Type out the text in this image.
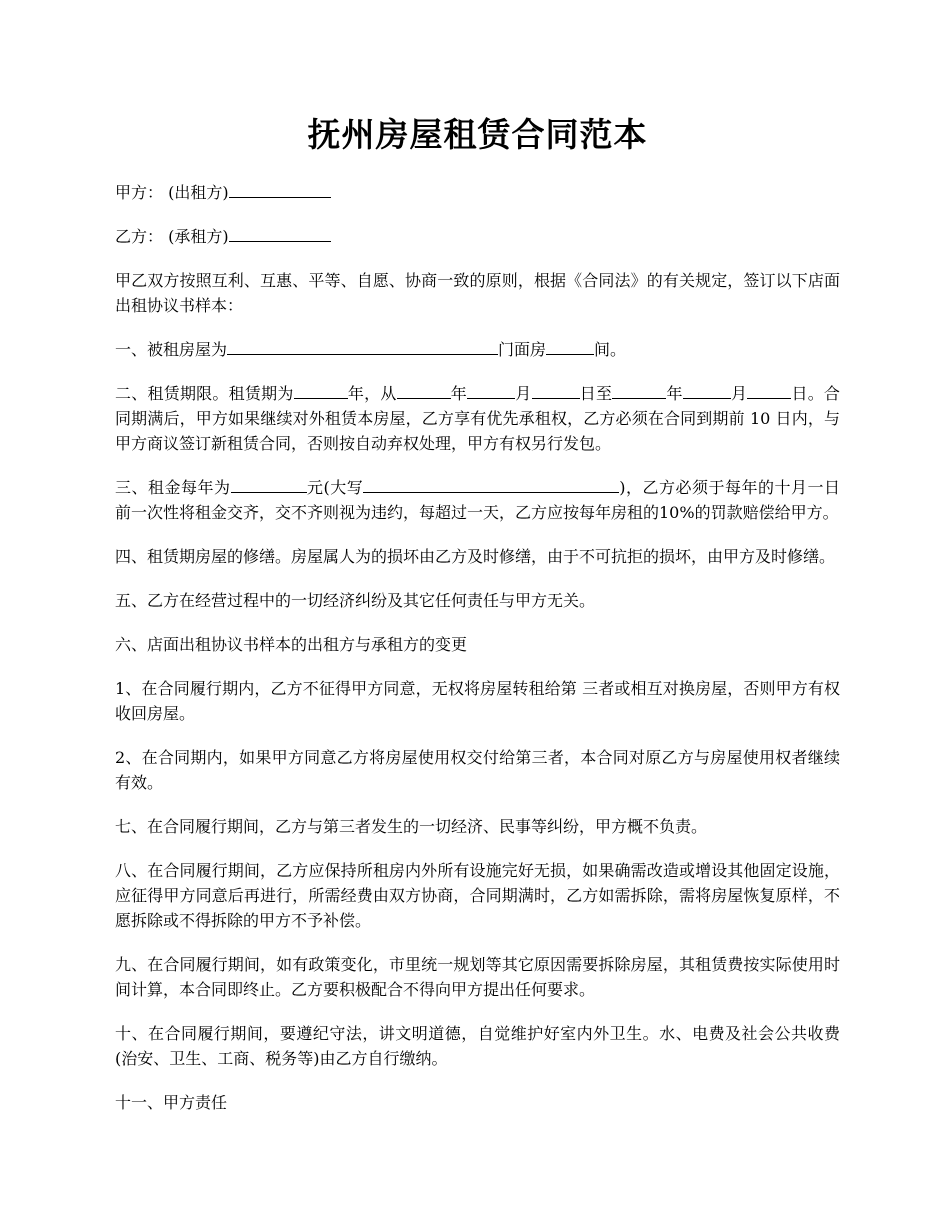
抚州房屋租赁合同范本

甲方： (出租方)

乙方： (承租方)

甲乙双方按照互利、互惠、平等、自愿、协商一致的原则，根据《合同法》的有关规定，签订以下店面出租协议书样本：

一、被租房屋为	门面房	间。

二、租赁期限。租赁期为	年，从	年	月	日至	年	月	日。合同期满后，甲方如果继续对外租赁本房屋，乙方享有优先承租权，乙方必须在合同到期前 10 日内，与甲方商议签订新租赁合同，否则按自动弃权处理，甲方有权另行发包。

三、租金每年为	元(大写	)，乙方必须于每年的十月一日前一次性将租金交齐，交不齐则视为违约，每超过一天，乙方应按每年房租的10%的罚款赔偿给甲方。

四、租赁期房屋的修缮。房屋属人为的损坏由乙方及时修缮，由于不可抗拒的损坏，由甲方及时修缮。

五、乙方在经营过程中的一切经济纠纷及其它任何责任与甲方无关。

六、店面出租协议书样本的出租方与承租方的变更

1、在合同履行期内，乙方不征得甲方同意，无权将房屋转租给第 三者或相互对换房屋，否则甲方有权收回房屋。

2、在合同期内，如果甲方同意乙方将房屋使用权交付给第三者，本合同对原乙方与房屋使用权者继续有效。

七、在合同履行期间，乙方与第三者发生的一切经济、民事等纠纷，甲方概不负责。

八、在合同履行期间，乙方应保持所租房内外所有设施完好无损，如果确需改造或增设其他固定设施，应征得甲方同意后再进行，所需经费由双方协商，合同期满时，乙方如需拆除，需将房屋恢复原样，不愿拆除或不得拆除的甲方不予补偿。

九、在合同履行期间，如有政策变化，市里统一规划等其它原因需要拆除房屋，其租赁费按实际使用时间计算，本合同即终止。乙方要积极配合不得向甲方提出任何要求。

十、在合同履行期间，要遵纪守法，讲文明道德，自觉维护好室内外卫生。水、电费及社会公共收费(治安、卫生、工商、税务等)由乙方自行缴纳。

十一、甲方责任
